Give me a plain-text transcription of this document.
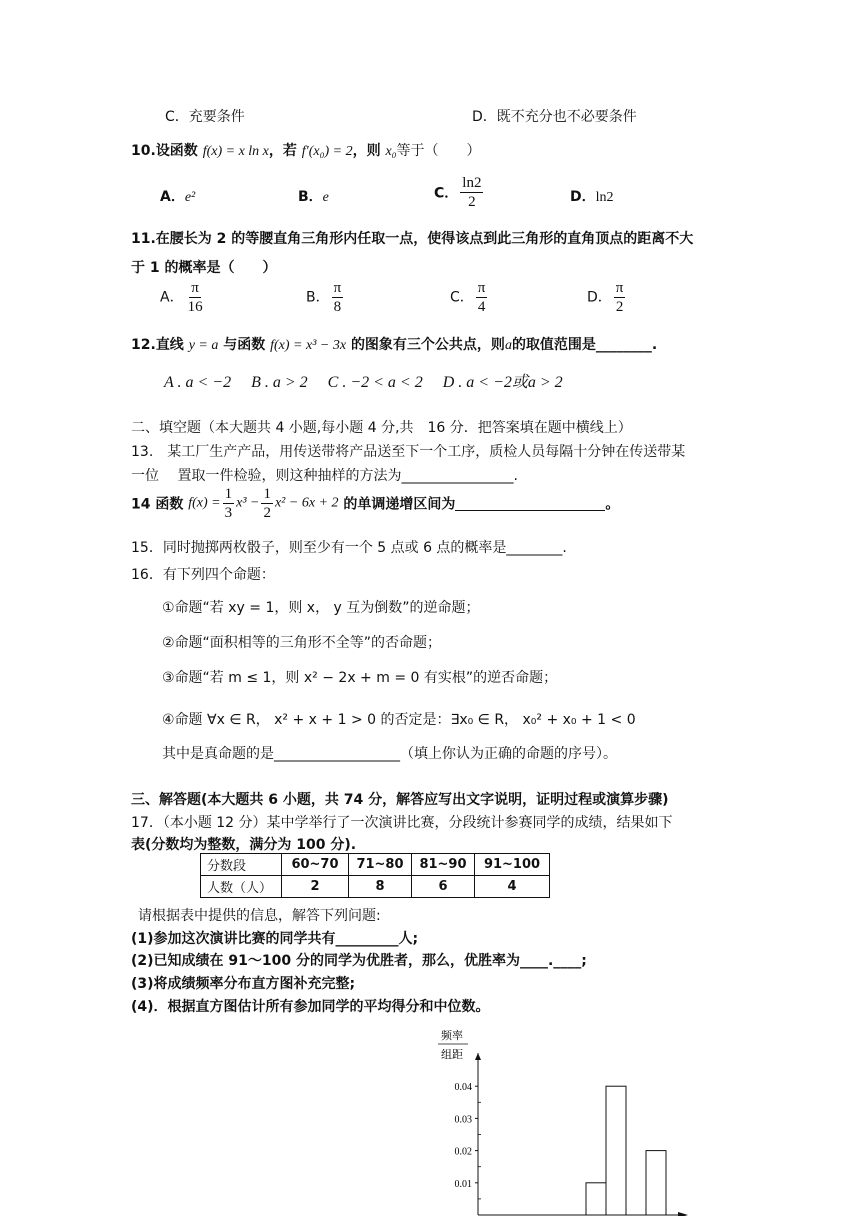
C．充要条件	D．既不充分也不必要条件
10.设函数 f(x) = x ln x，若 f′(x₀) = 2，则 x₀等于（　　）
A．e²	B．e	C． $\frac{\ln 2}{2}$	D．ln2
11.在腰长为 2 的等腰直角三角形内任取一点，使得该点到此三角形的直角顶点的距离不大
于 1 的概率是（　　）
A． $\frac{\pi}{16}$	B． $\frac{\pi}{8}$	C． $\frac{\pi}{4}$	D． $\frac{\pi}{2}$
12.直线 y = a 与函数 f(x) = x³ − 3x 的图象有三个公共点，则a的取值范围是________.
A . a < −2　 B . a > 2　 C . −2 < a < 2　 D . a < −2或a > 2
二、填空题（本大题共 4 小题,每小题 4 分,共　16 分．把答案填在题中横线上）
13.　某工厂生产产品，用传送带将产品送至下一个工序，质检人员每隔十分钟在传送带某
一位　 置取一件检验，则这种抽样的方法为________________.
14 函数 $f(x) = \frac{1}{3} x^3 - \frac{1}{2} x^2 - 6x + 2$ 的单调递增区间为	。
15．同时抛掷两枚骰子，则至少有一个 5 点或 6 点的概率是________.
16．有下列四个命题：
①命题“若 xy = 1，则 x， y 互为倒数”的逆命题；
②命题“面积相等的三角形不全等”的否命题；
③命题“若 m ≤ 1，则 x² − 2x + m = 0 有实根”的逆否命题；
④命题 ∀x ∈ R， x² + x + 1 > 0 的否定是：∃x₀ ∈ R， x₀² + x₀ + 1 < 0
其中是真命题的是__________________（填上你认为正确的命题的序号）。
三、解答题(本大题共 6 小题，共 74 分，解答应写出文字说明，证明过程或演算步骤)
17．（本小题 12 分）某中学举行了一次演讲比赛，分段统计参赛同学的成绩，结果如下
表(分数均为整数，满分为 100 分).
分数段	60~70	71~80	81~90	91~100
人数（人）	2	8	6	4
请根据表中提供的信息，解答下列问题:
(1)参加这次演讲比赛的同学共有_________人;
(2)已知成绩在 91～100 分的同学为优胜者，那么，优胜率为____.____;
(3)将成绩频率分布直方图补充完整;
(4)．根据直方图估计所有参加同学的平均得分和中位数。
频率
组距
0.04
0.03
0.02
0.01
